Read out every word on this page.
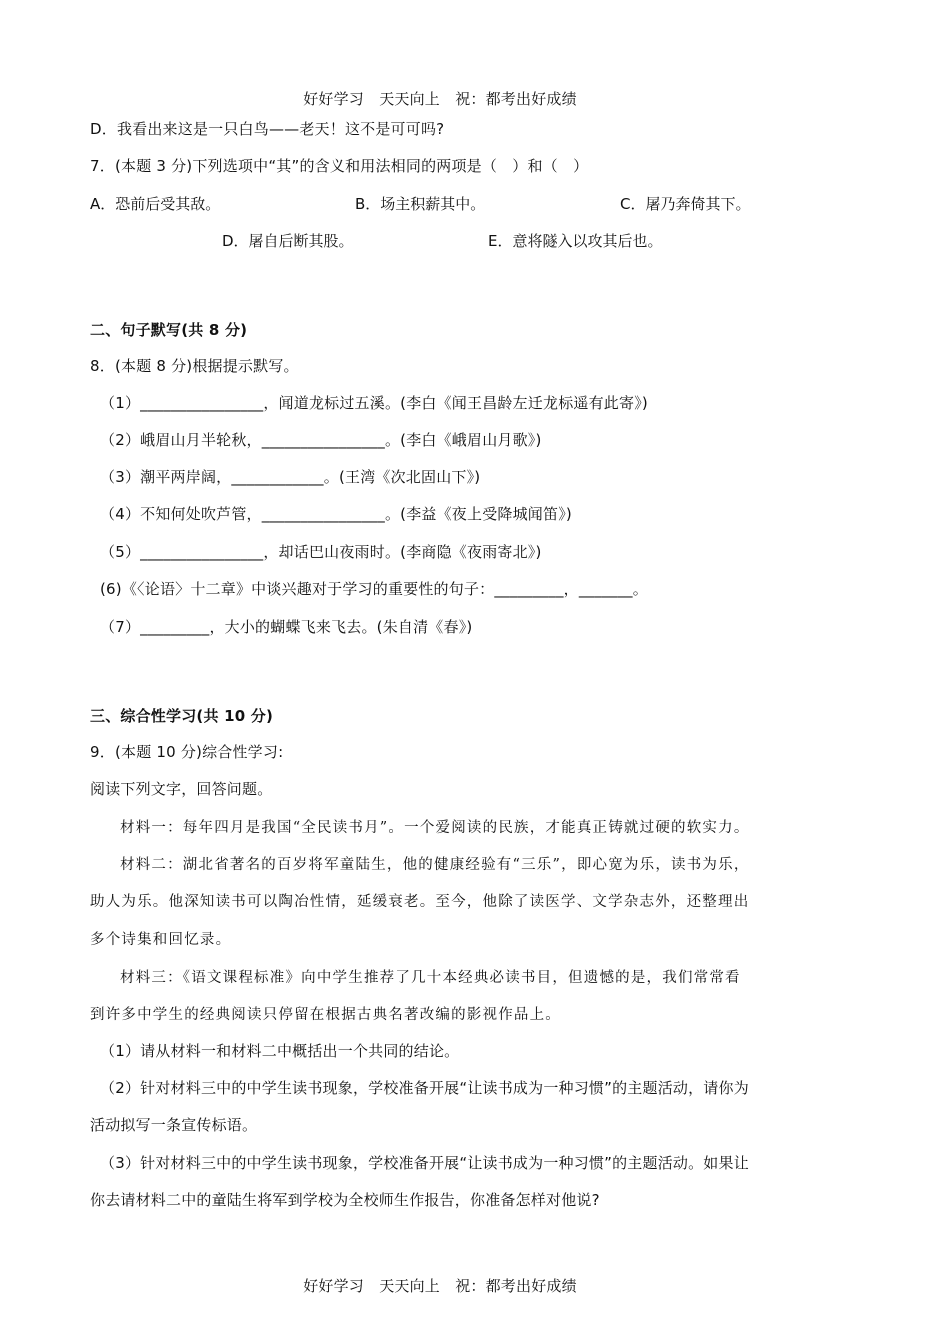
好好学习　天天向上　祝：都考出好成绩
D．我看出来这是一只白鸟——老天！这不是可可吗?
7．(本题 3 分)下列选项中“其”的含义和用法相同的两项是（　）和（　）
A．恐前后受其敌。	B．场主积薪其中。	C．屠乃奔倚其下。
D．屠自后断其股。	E．意将隧入以攻其后也。
二、句子默写(共 8 分)
8．(本题 8 分)根据提示默写。
（1）________________，闻道龙标过五溪。(李白《闻王昌龄左迁龙标遥有此寄》)
（2）峨眉山月半轮秋，________________。(李白《峨眉山月歌》)
（3）潮平两岸阔，____________。(王湾《次北固山下》)
（4）不知何处吹芦管，________________。(李益《夜上受降城闻笛》)
（5）________________，却话巴山夜雨时。(李商隐《夜雨寄北》)
(6)《〈论语〉十二章》中谈兴趣对于学习的重要性的句子：_________，_______。
（7）_________，大小的蝴蝶飞来飞去。(朱自清《春》)
三、综合性学习(共 10 分)
9．(本题 10 分)综合性学习:
阅读下列文字，回答问题。
材料一：每年四月是我国“全民读书月”。一个爱阅读的民族，才能真正铸就过硬的软实力。
材料二：湖北省著名的百岁将军童陆生，他的健康经验有“三乐”，即心宽为乐，读书为乐，
助人为乐。他深知读书可以陶冶性情，延缓衰老。至今，他除了读医学、文学杂志外，还整理出
多个诗集和回忆录。
材料三：《语文课程标准》向中学生推荐了几十本经典必读书目，但遗憾的是，我们常常看
到许多中学生的经典阅读只停留在根据古典名著改编的影视作品上。
（1）请从材料一和材料二中概括出一个共同的结论。
（2）针对材料三中的中学生读书现象，学校准备开展“让读书成为一种习惯”的主题活动，请你为
活动拟写一条宣传标语。
（3）针对材料三中的中学生读书现象，学校准备开展“让读书成为一种习惯”的主题活动。如果让
你去请材料二中的童陆生将军到学校为全校师生作报告，你准备怎样对他说?
好好学习　天天向上　祝：都考出好成绩
